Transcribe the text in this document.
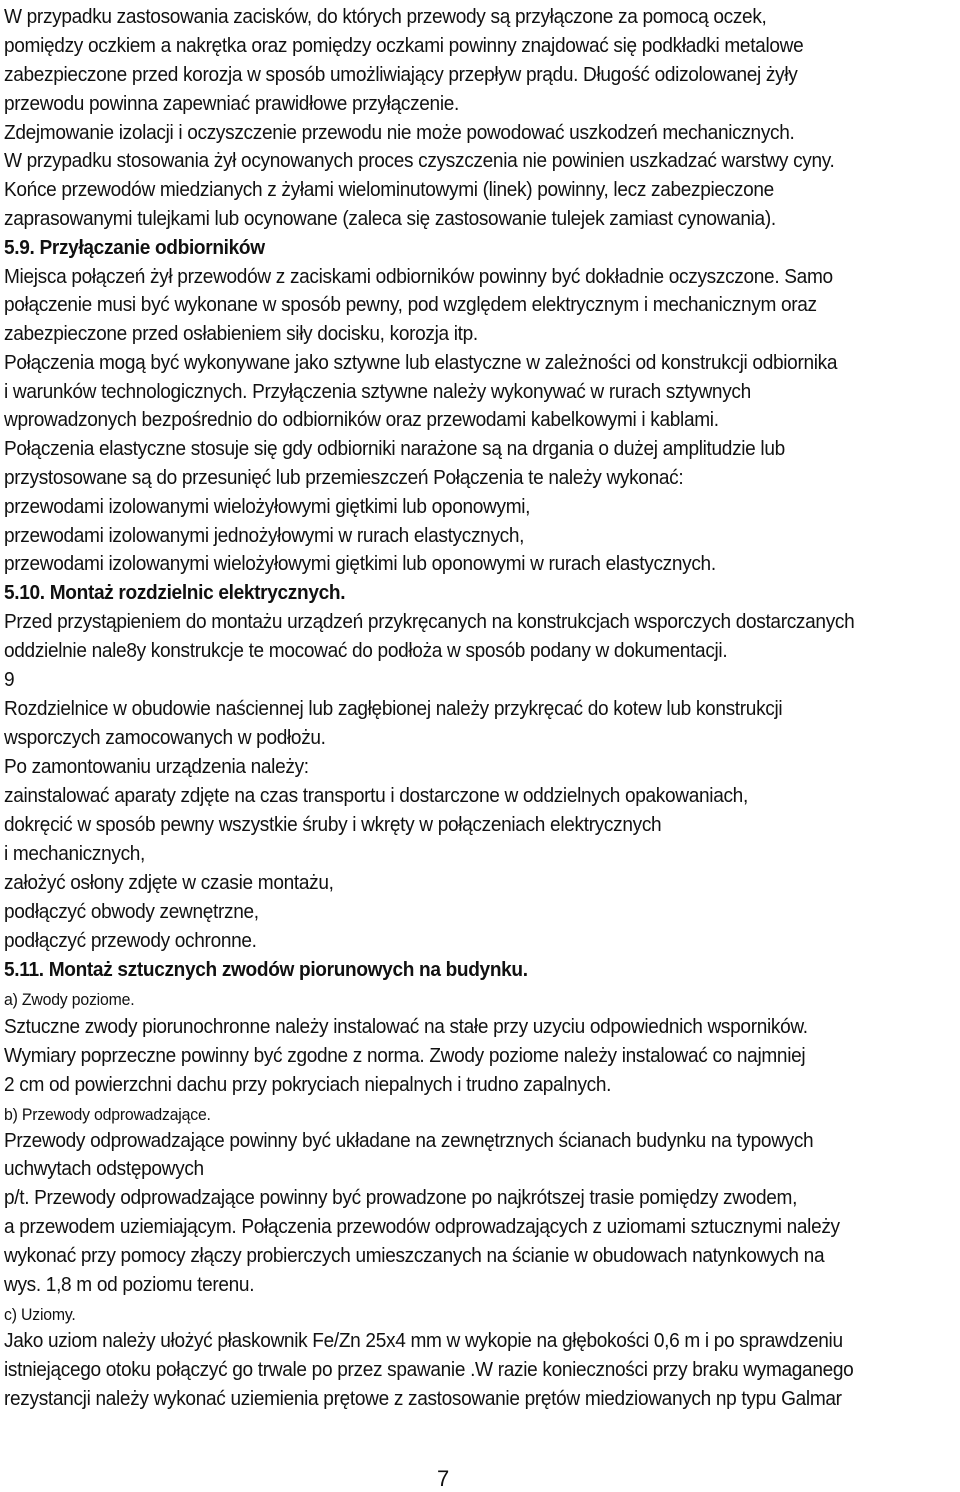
W przypadku zastosowania zacisków, do których przewody są przyłączone za pomocą oczek,
pomiędzy oczkiem a nakrętka oraz pomiędzy oczkami powinny znajdować się podkładki metalowe
zabezpieczone przed korozja w sposób umożliwiający przepływ prądu. Długość odizolowanej żyły
przewodu powinna zapewniać prawidłowe przyłączenie.
Zdejmowanie izolacji i oczyszczenie przewodu nie może powodować uszkodzeń mechanicznych.
W przypadku stosowania żył ocynowanych proces czyszczenia nie powinien uszkadzać warstwy cyny.
Końce przewodów miedzianych z żyłami wielominutowymi (linek) powinny, lecz zabezpieczone
zaprasowanymi tulejkami lub ocynowane (zaleca się zastosowanie tulejek zamiast cynowania).
5.9. Przyłączanie odbiorników
Miejsca połączeń żył przewodów z zaciskami odbiorników powinny być dokładnie oczyszczone. Samo
połączenie musi być wykonane w sposób pewny, pod względem elektrycznym i mechanicznym oraz
zabezpieczone przed osłabieniem siły docisku, korozja itp.
Połączenia mogą być wykonywane jako sztywne lub elastyczne w zależności od konstrukcji odbiornika
i warunków technologicznych. Przyłączenia sztywne należy wykonywać w rurach sztywnych
wprowadzonych bezpośrednio do odbiorników oraz przewodami kabelkowymi i kablami.
Połączenia elastyczne stosuje się gdy odbiorniki narażone są na drgania o dużej amplitudzie lub
przystosowane są do przesunięć lub przemieszczeń Połączenia te należy wykonać:
przewodami izolowanymi wielożyłowymi giętkimi lub oponowymi,
przewodami izolowanymi jednożyłowymi w rurach elastycznych,
przewodami izolowanymi wielożyłowymi giętkimi lub oponowymi w rurach elastycznych.
5.10. Montaż rozdzielnic elektrycznych.
Przed przystąpieniem do montażu urządzeń przykręcanych na konstrukcjach wsporczych dostarczanych
oddzielnie nale8y konstrukcje te mocować do podłoża w sposób podany w dokumentacji.
9
Rozdzielnice w obudowie naściennej lub zagłębionej należy przykręcać do kotew lub konstrukcji
wsporczych zamocowanych w podłożu.
Po zamontowaniu urządzenia należy:
zainstalować aparaty zdjęte na czas transportu i dostarczone w oddzielnych opakowaniach,
dokręcić w sposób pewny wszystkie śruby i wkręty w połączeniach elektrycznych
i mechanicznych,
założyć osłony zdjęte w czasie montażu,
podłączyć obwody zewnętrzne,
podłączyć przewody ochronne.
5.11. Montaż sztucznych zwodów piorunowych na budynku.
a) Zwody poziome.
Sztuczne zwody piorunochronne należy instalować na stałe przy uzyciu odpowiednich wsporników.
Wymiary poprzeczne powinny być zgodne z norma. Zwody poziome należy instalować co najmniej
2 cm od powierzchni dachu przy pokryciach niepalnych i trudno zapalnych.
b) Przewody odprowadzające.
Przewody odprowadzające powinny być układane na zewnętrznych ścianach budynku na typowych
uchwytach odstępowych
p/t. Przewody odprowadzające powinny być prowadzone po najkrótszej trasie pomiędzy zwodem,
a przewodem uziemiającym. Połączenia przewodów odprowadzających z uziomami sztucznymi należy
wykonać przy pomocy złączy probierczych umieszczanych na ścianie w obudowach natynkowych na
wys. 1,8 m od poziomu terenu.
c) Uziomy.
Jako uziom należy ułożyć płaskownik Fe/Zn 25x4 mm w wykopie na głębokości 0,6 m i po sprawdzeniu
istniejącego otoku połączyć go trwale po przez spawanie .W razie konieczności przy braku wymaganego
rezystancji należy wykonać uziemienia prętowe z zastosowanie prętów miedziowanych np typu Galmar
7
